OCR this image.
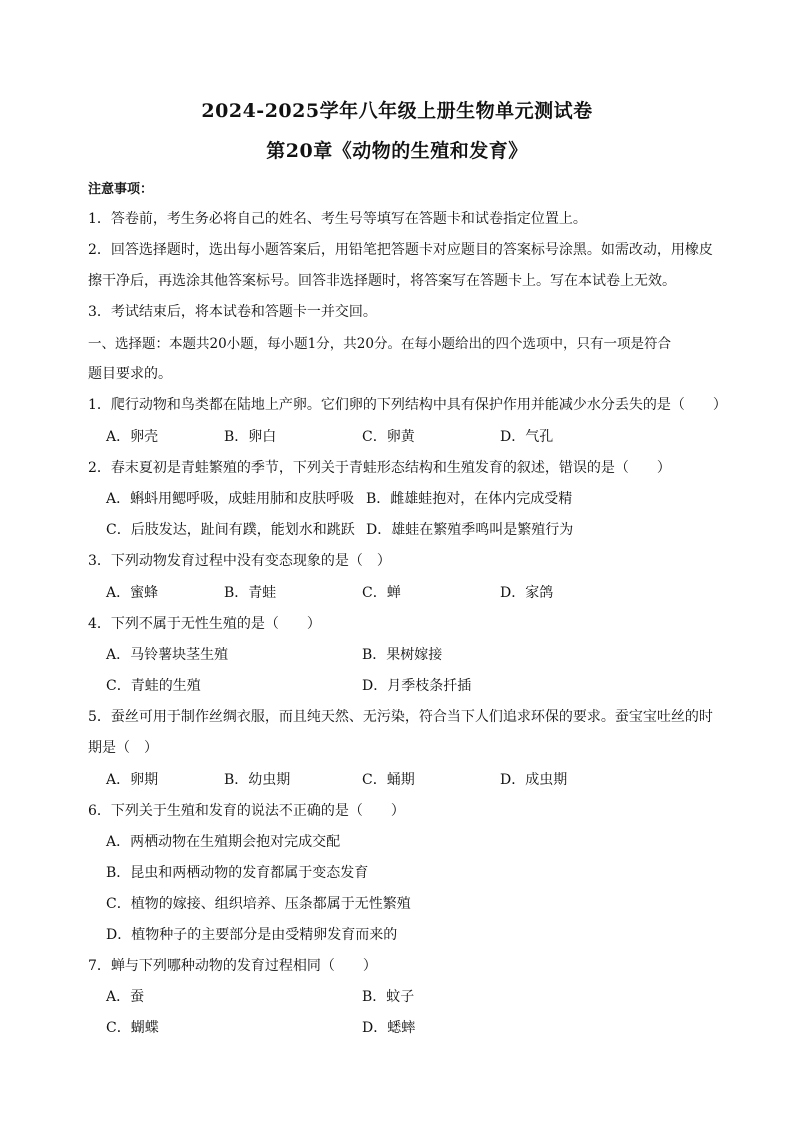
2024-2025学年八年级上册生物单元测试卷
第20章《动物的生殖和发育》
注意事项：
1．答卷前，考生务必将自己的姓名、考生号等填写在答题卡和试卷指定位置上。
2．回答选择题时，选出每小题答案后，用铅笔把答题卡对应题目的答案标号涂黑。如需改动，用橡皮
擦干净后，再选涂其他答案标号。回答非选择题时，将答案写在答题卡上。写在本试卷上无效。
3．考试结束后，将本试卷和答题卡一并交回。
一、选择题：本题共20小题，每小题1分，共20分。在每小题给出的四个选项中，只有一项是符合
题目要求的。
1．爬行动物和鸟类都在陆地上产卵。它们卵的下列结构中具有保护作用并能减少水分丢失的是（　　）
A．卵壳	B．卵白	C．卵黄	D．气孔
2．春末夏初是青蛙繁殖的季节，下列关于青蛙形态结构和生殖发育的叙述，错误的是（　　）
A．蝌蚪用鳃呼吸，成蛙用肺和皮肤呼吸 B．雌雄蛙抱对，在体内完成受精
C．后肢发达，趾间有蹼，能划水和跳跃 D．雄蛙在繁殖季鸣叫是繁殖行为
3．下列动物发育过程中没有变态现象的是（　）
A．蜜蜂	B．青蛙	C．蝉	D．家鸽
4．下列不属于无性生殖的是（　　）
A．马铃薯块茎生殖	B．果树嫁接
C．青蛙的生殖	D．月季枝条扦插
5．蚕丝可用于制作丝绸衣服，而且纯天然、无污染，符合当下人们追求环保的要求。蚕宝宝吐丝的时
期是（　）
A．卵期	B．幼虫期	C．蛹期	D．成虫期
6．下列关于生殖和发育的说法不正确的是（　　）
A．两栖动物在生殖期会抱对完成交配
B．昆虫和两栖动物的发育都属于变态发育
C．植物的嫁接、组织培养、压条都属于无性繁殖
D．植物种子的主要部分是由受精卵发育而来的
7．蝉与下列哪种动物的发育过程相同（　　）
A．蚕	B．蚊子
C．蝴蝶	D．蟋蟀
